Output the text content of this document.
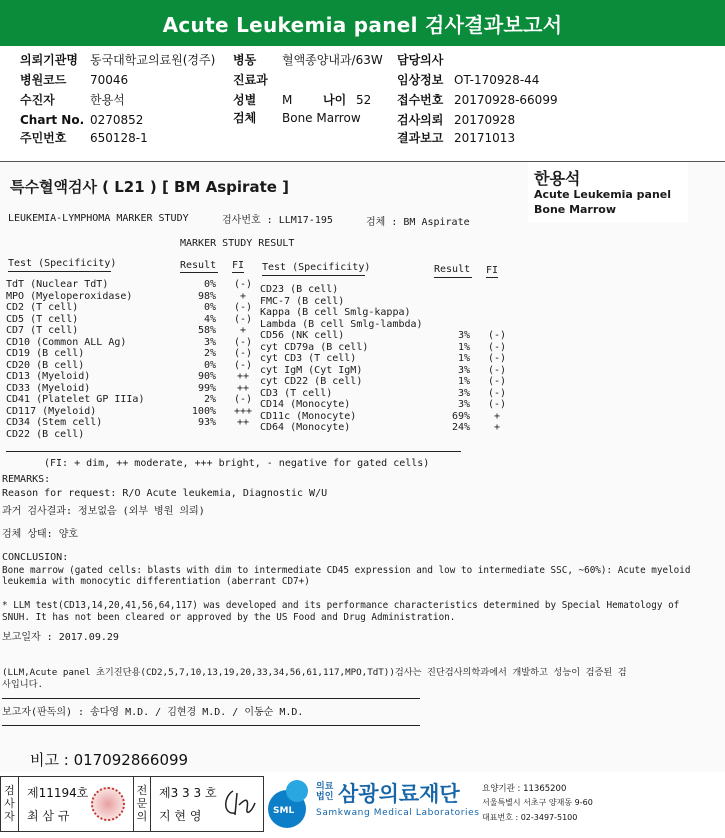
Acute Leukemia panel 검사결과보고서
의뢰기관명 동국대학교의료원(경주) 병동 혈액종양내과/63W 담당의사
병원코드 70046	진료과	임상정보 OT-170928-44
수진자	한용석	성별 M	나이 52 접수번호 20170928-66099
Chart No. 0270852	검체 Bone Marrow	검사의뢰 20170928
주민번호 650128-1	결과보고 20171013
특수혈액검사 ( L21 ) [ BM Aspirate ]	한용석
Acute Leukemia panel
Bone Marrow
LEUKEMIA-LYMPHOMA MARKER STUDY	검사번호 : LLM17-195	검체 : BM Aspirate
MARKER STUDY RESULT
Test (Specificity)	Result FI Test (Specificity)	Result FI
TdT (Nuclear TdT)	0%	(-)
MPO (Myeloperoxidase)	98%	+
CD2 (T cell)	0%	(-)
CD5 (T cell)	4%	(-)
CD7 (T cell)	58%	+
CD10 (Common ALL Ag)	3%	(-)
CD19 (B cell)	2%	(-)
CD20 (B cell)	0%	(-)
CD13 (Myeloid)	90%	++
CD33 (Myeloid)	99%	++
CD41 (Platelet GP IIIa)	2%	(-)
CD117 (Myeloid)	100%	+++
CD34 (Stem cell)	93%	++
CD22 (B cell)
CD23 (B cell)
FMC-7 (B cell)
Kappa (B cell Smlg-kappa)
Lambda (B cell Smlg-lambda)
CD56 (NK cell)	3%	(-)
cyt CD79a (B cell)	1%	(-)
cyt CD3 (T cell)	1%	(-)
cyt IgM (Cyt IgM)	3%	(-)
cyt CD22 (B cell)	1%	(-)
CD3 (T cell)	3%	(-)
CD14 (Monocyte)	3%	(-)
CD11c (Monocyte)	69%	+
CD64 (Monocyte)	24%	+
(FI: + dim, ++ moderate, +++ bright, - negative for gated cells)
REMARKS:
Reason for request: R/O Acute leukemia, Diagnostic W/U
과거 검사결과: 정보없음 (외부 병원 의뢰)
검체 상태: 양호
CONCLUSION:
Bone marrow (gated cells: blasts with dim to intermediate CD45 expression and low to intermediate SSC, ~60%): Acute myeloid
leukemia with monocytic differentiation (aberrant CD7+)
* LLM test(CD13,14,20,41,56,64,117) was developed and its performance characteristics determined by Special Hematology of
SNUH. It has not been cleared or approved by the US Food and Drug Administration.
보고일자 : 2017.09.29
(LLM,Acute panel 초기진단용(CD2,5,7,10,13,19,20,33,34,56,61,117,MPO,TdT))검사는 진단검사의학과에서 개발하고 성능이 검증된 검
사입니다.
보고자(판독의) : 송다영 M.D. / 김현경 M.D. / 이동순 M.D.
비고 : 017092866099
검사자
제11194호
최 삼 규
전문의
제3 3 3 호
지 현 영	SML
의료
법인 삼광의료재단
Samkwang Medical Laboratories
요양기관 : 11365200
서울특별시 서초구 양재동 9-60
대표번호 : 02-3497-5100
